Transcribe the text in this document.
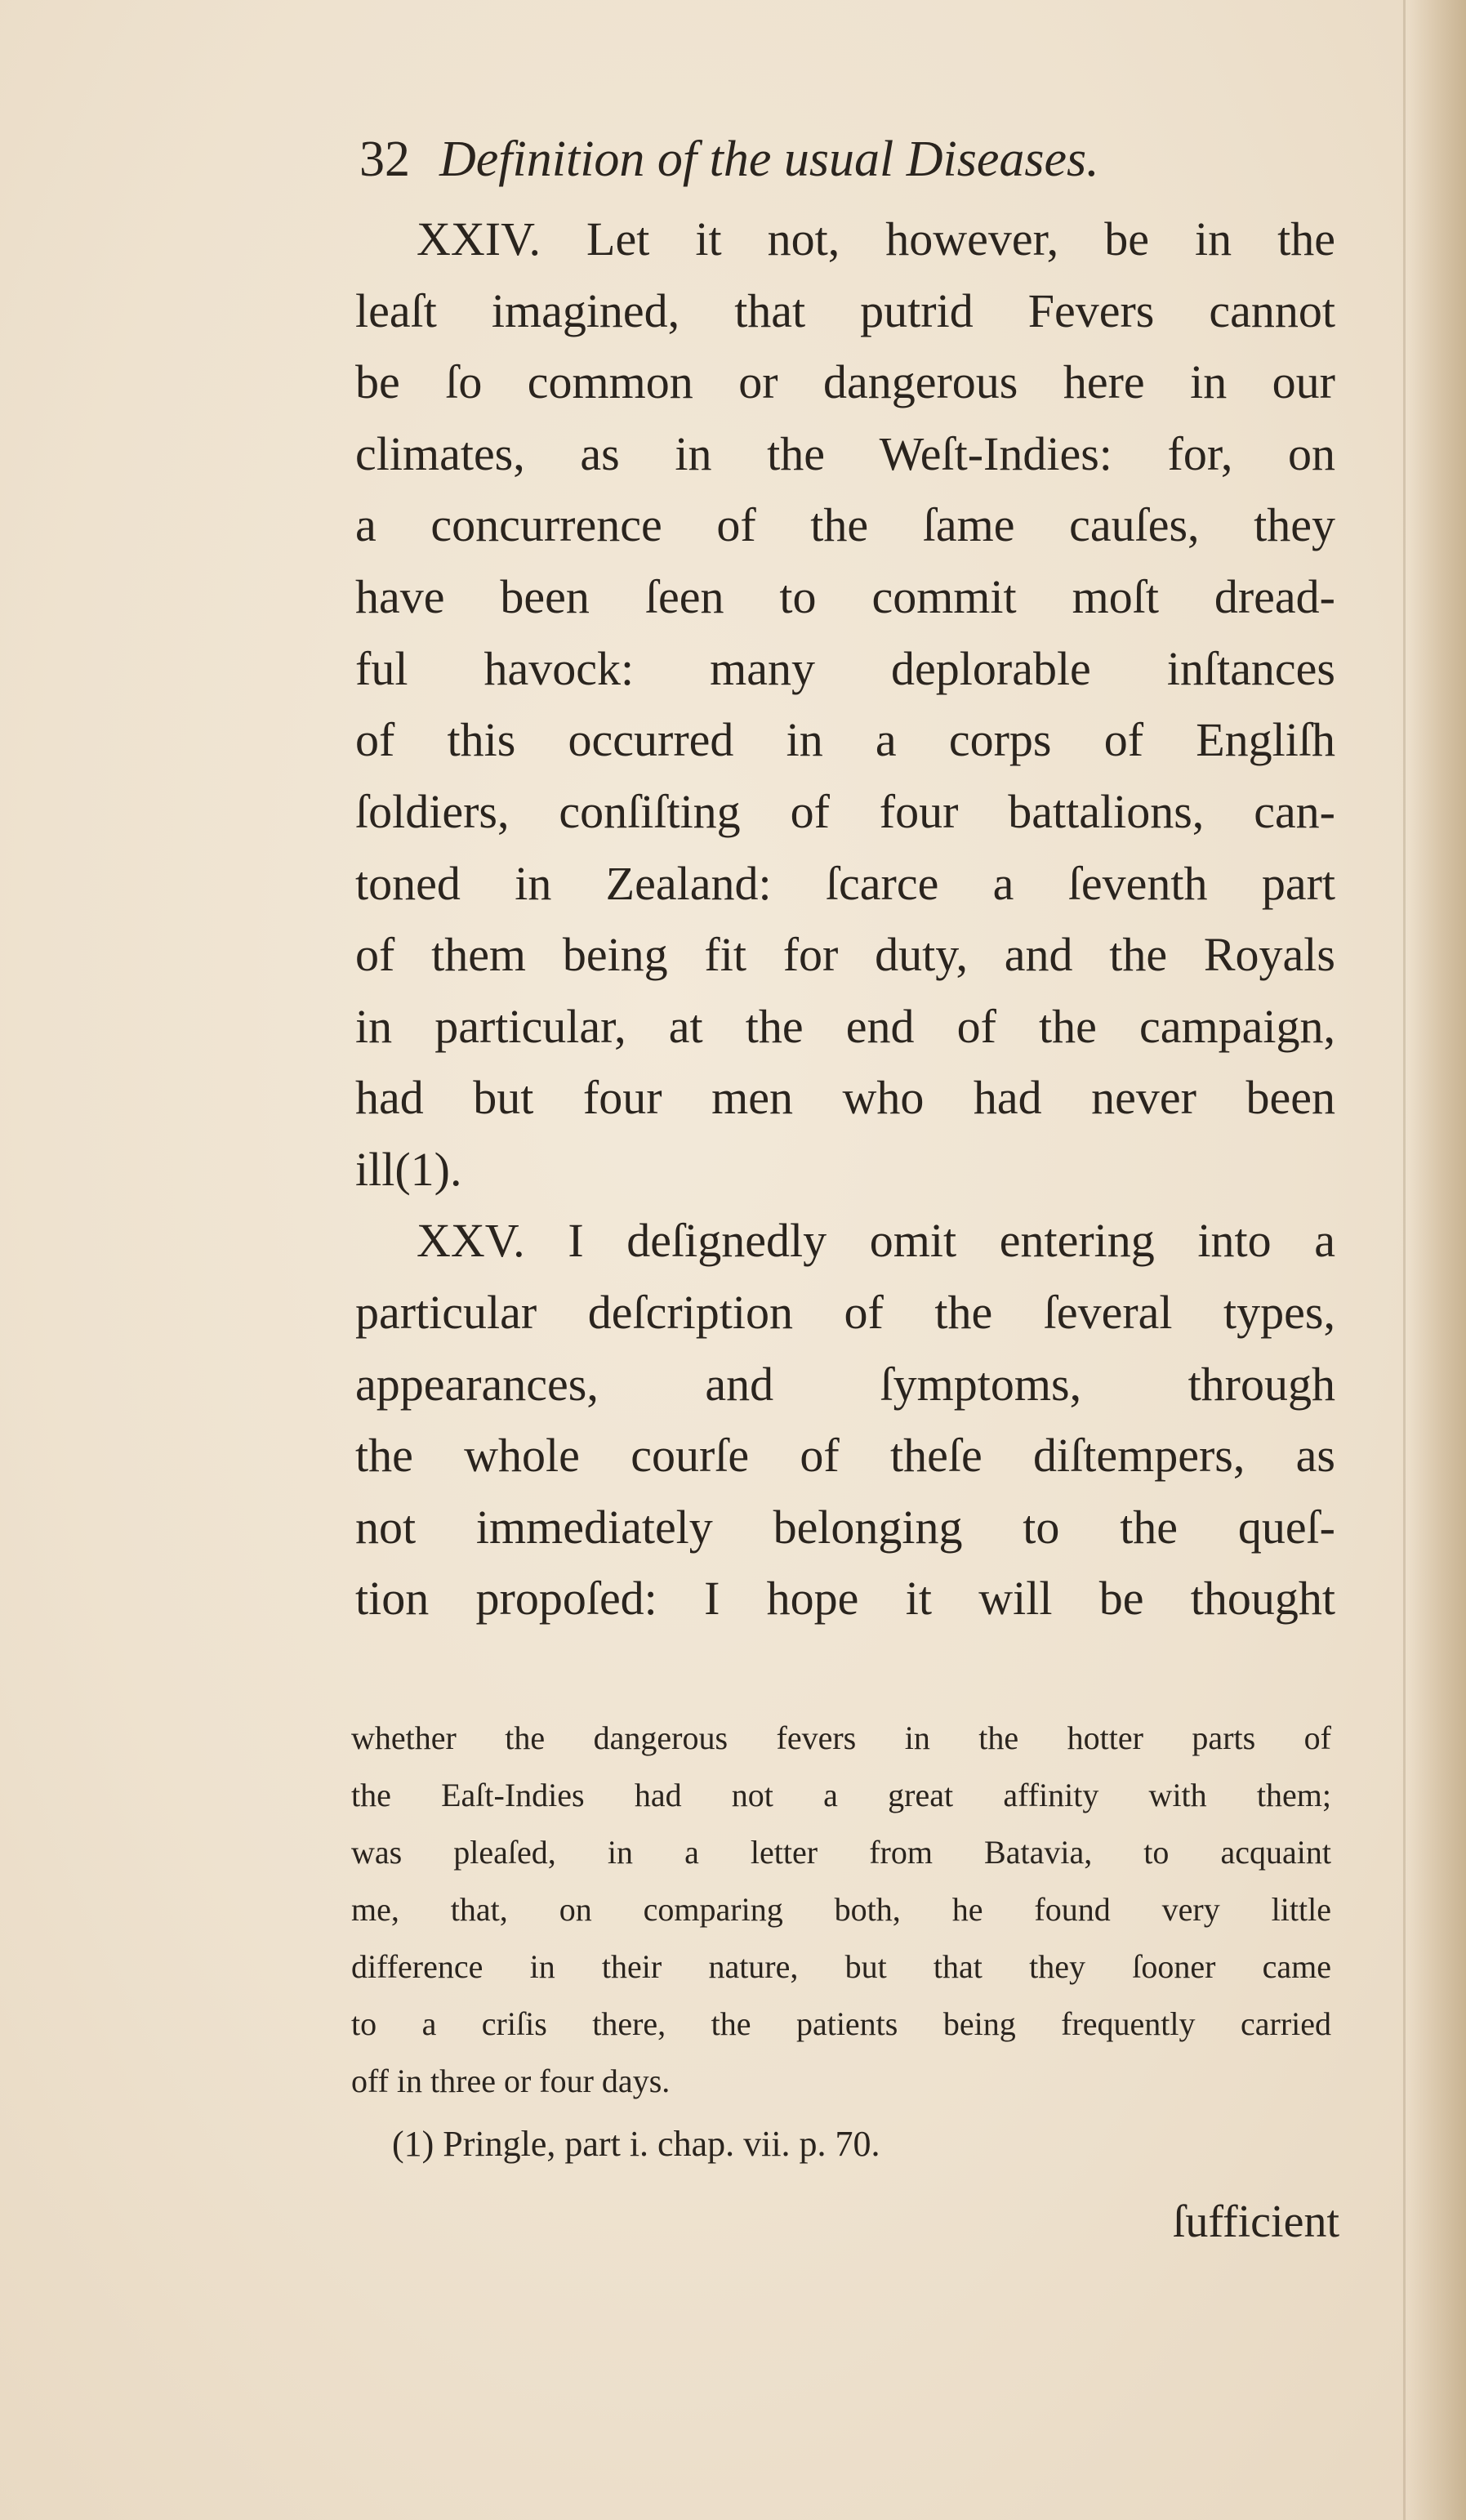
32 Definition of the usual Diseases.
XXIV. Let it not, however, be in the
leaſt imagined, that putrid Fevers cannot
be ſo common or dangerous here in our
climates, as in the Weſt-Indies: for, on
a concurrence of the ſame cauſes, they
have been ſeen to commit moſt dread-
ful havock: many deplorable inſtances
of this occurred in a corps of Engliſh
ſoldiers, conſiſting of four battalions, can-
toned in Zealand: ſcarce a ſeventh part
of them being fit for duty, and the Royals
in particular, at the end of the campaign,
had but four men who had never been
ill(1).
XXV. I deſignedly omit entering into a
particular deſcription of the ſeveral types,
appearances, and ſymptoms, through
the whole courſe of theſe diſtempers, as
not immediately belonging to the queſ-
tion propoſed: I hope it will be thought
whether the dangerous fevers in the hotter parts of
the Eaſt-Indies had not a great affinity with them;
was pleaſed, in a letter from Batavia, to acquaint
me, that, on comparing both, he found very little
difference in their nature, but that they ſooner came
to a criſis there, the patients being frequently carried
off in three or four days.
(1) Pringle, part i. chap. vii. p. 70.
ſufficient
